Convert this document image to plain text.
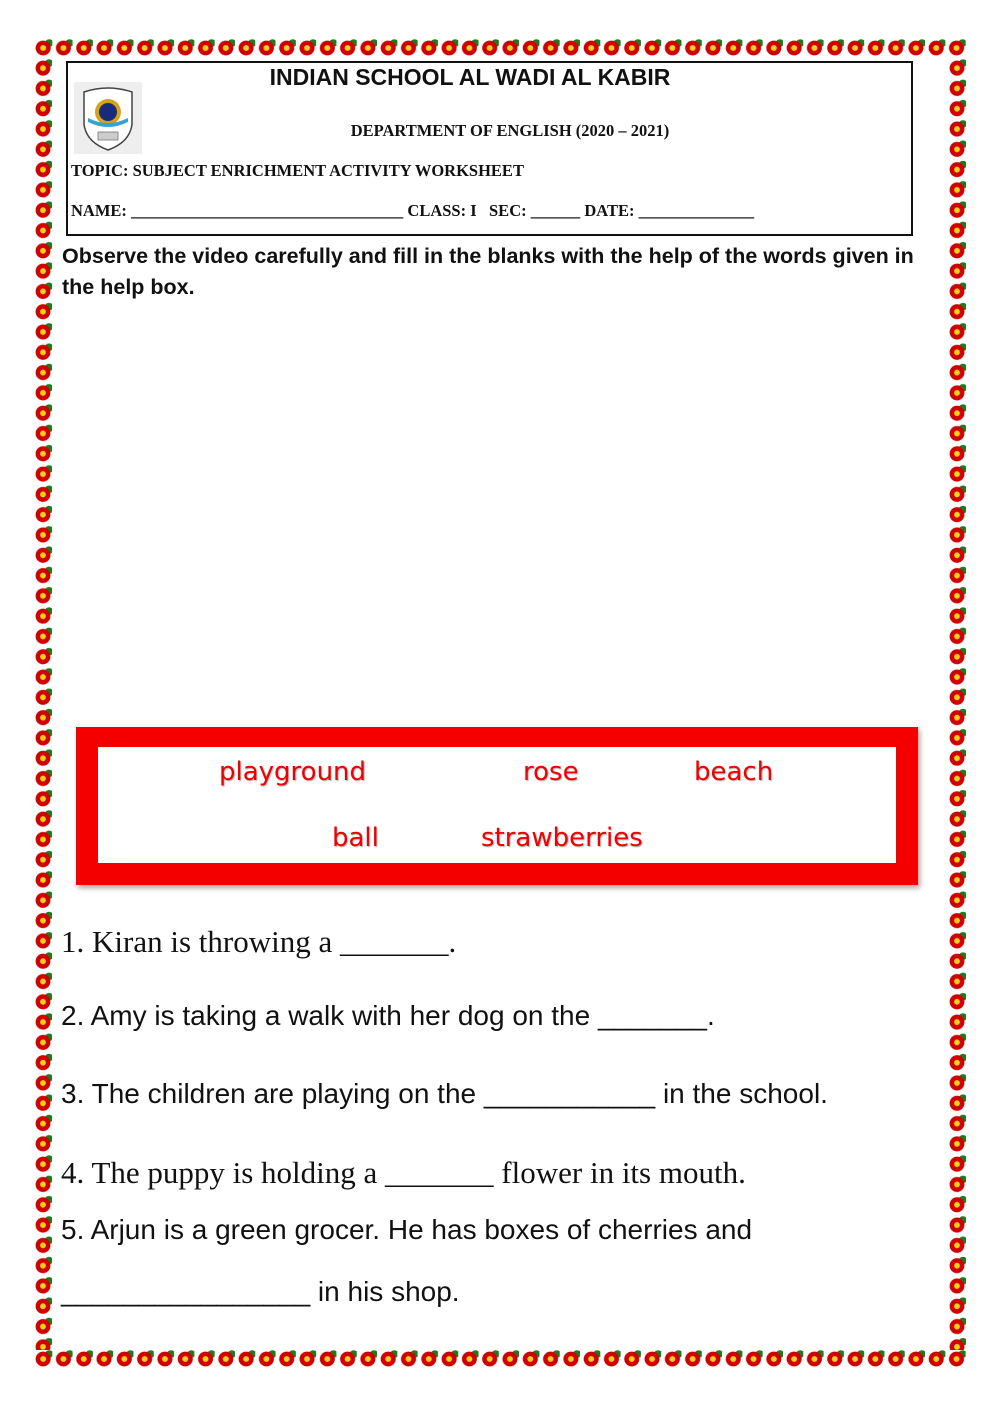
INDIAN SCHOOL AL WADI AL KABIR
DEPARTMENT OF ENGLISH (2020 – 2021)
TOPIC: SUBJECT ENRICHMENT ACTIVITY WORKSHEET
NAME: _________________________________ CLASS: I   SEC: ______ DATE: ______________
Observe the video carefully and fill in the blanks with the help of the words given in the help box.
playground	rose	beach
ball	strawberries
1. Kiran is throwing a _______.
2. Amy is taking a walk with her dog on the _______.
3. The children are playing on the ___________ in the school.
4. The puppy is holding a _______ flower in its mouth.
5. Arjun is a green grocer. He has boxes of cherries and
________________ in his shop.
